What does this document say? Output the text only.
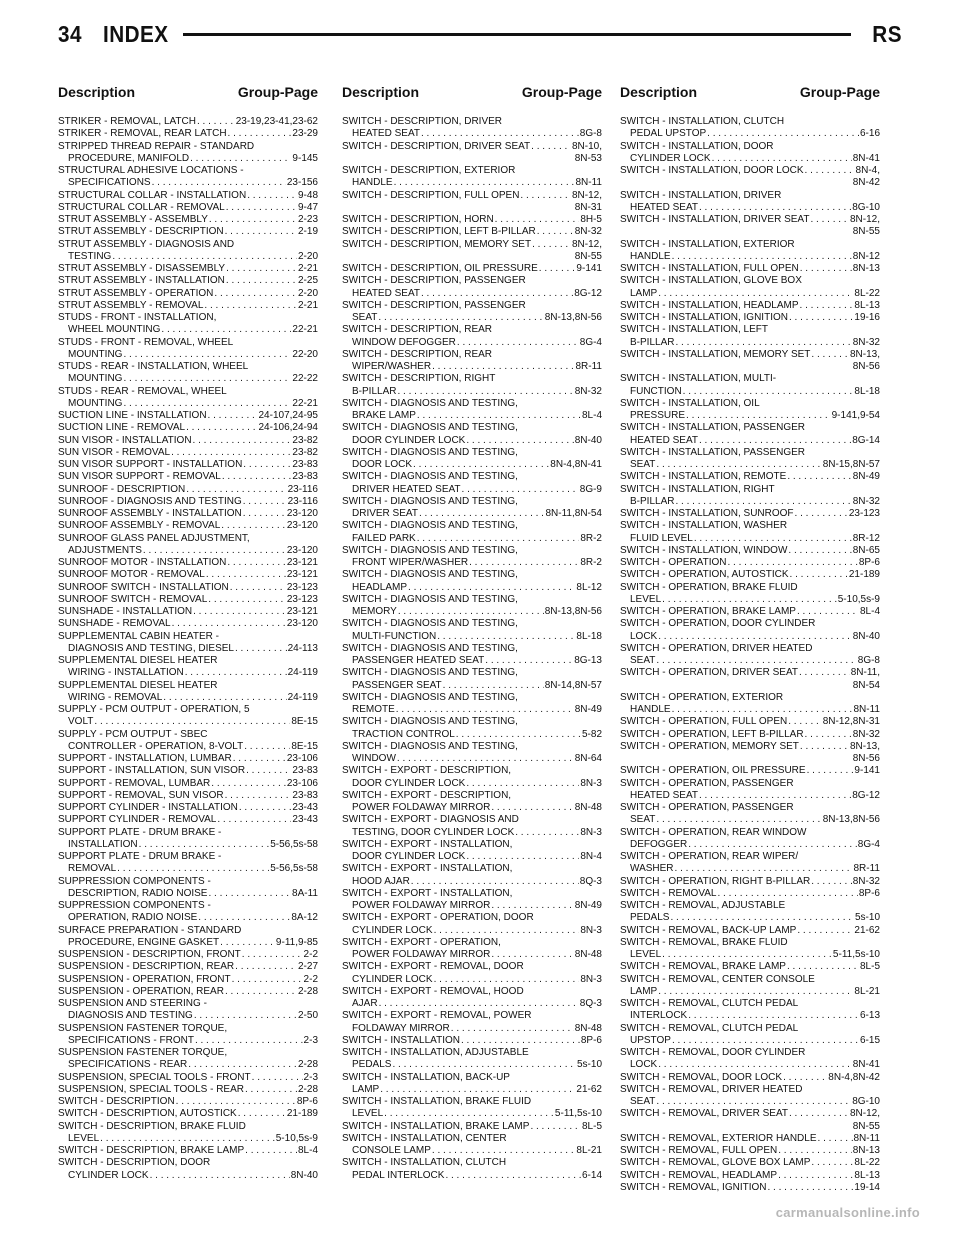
34 INDEX	RS
Description	Group-Page Description	Group-Page Description	Group-Page
STRIKER - REMOVAL, LATCH . . .	23-19,23-41,23-62
STRIKER - REMOVAL, REAR LATCH . . .	23-29
STRIPPED THREAD REPAIR - STANDARD
PROCEDURE, MANIFOLD . . .	9-145
STRUCTURAL ADHESIVE LOCATIONS -
SPECIFICATIONS . . .	23-156
STRUCTURAL COLLAR - INSTALLATION . . .	9-48
STRUCTURAL COLLAR - REMOVAL . . .	9-47
STRUT ASSEMBLY - ASSEMBLY . . .	2-23
STRUT ASSEMBLY - DESCRIPTION . . .	2-19
STRUT ASSEMBLY - DIAGNOSIS AND
TESTING . . .	2-20
STRUT ASSEMBLY - DISASSEMBLY . . .	2-21
STRUT ASSEMBLY - INSTALLATION . . .	2-25
STRUT ASSEMBLY - OPERATION . . .	2-20
STRUT ASSEMBLY - REMOVAL . . .	2-21
STUDS - FRONT - INSTALLATION,
WHEEL MOUNTING . . .	22-21
STUDS - FRONT - REMOVAL, WHEEL
MOUNTING . . .	22-20
STUDS - REAR - INSTALLATION, WHEEL
MOUNTING . . .	22-22
STUDS - REAR - REMOVAL, WHEEL
MOUNTING . . .	22-21
SUCTION LINE - INSTALLATION . . .	24-107,24-95
SUCTION LINE - REMOVAL . . .	24-106,24-94
SUN VISOR - INSTALLATION . . .	23-82
SUN VISOR - REMOVAL . . .	23-82
SUN VISOR SUPPORT - INSTALLATION . . .	23-83
SUN VISOR SUPPORT - REMOVAL . . .	23-83
SUNROOF - DESCRIPTION . . .	23-116
SUNROOF - DIAGNOSIS AND TESTING . . .	23-116
SUNROOF ASSEMBLY - INSTALLATION . . .	23-120
SUNROOF ASSEMBLY - REMOVAL . . .	23-120
SUNROOF GLASS PANEL ADJUSTMENT,
ADJUSTMENTS . . .	23-120
SUNROOF MOTOR - INSTALLATION . . .	23-121
SUNROOF MOTOR - REMOVAL . . .	23-121
SUNROOF SWITCH - INSTALLATION . . .	23-123
SUNROOF SWITCH - REMOVAL . . .	23-123
SUNSHADE - INSTALLATION . . .	23-121
SUNSHADE - REMOVAL . . .	23-120
SUPPLEMENTAL CABIN HEATER -
DIAGNOSIS AND TESTING, DIESEL . . .	24-113
SUPPLEMENTAL DIESEL HEATER
WIRING - INSTALLATION . . .	24-119
SUPPLEMENTAL DIESEL HEATER
WIRING - REMOVAL . . .	24-119
SUPPLY - PCM OUTPUT - OPERATION, 5
VOLT . . .	8E-15
SUPPLY - PCM OUTPUT - SBEC
CONTROLLER - OPERATION, 8-VOLT . . .	8E-15
SUPPORT - INSTALLATION, LUMBAR . . .	23-106
SUPPORT - INSTALLATION, SUN VISOR . . .	23-83
SUPPORT - REMOVAL, LUMBAR . . .	23-106
SUPPORT - REMOVAL, SUN VISOR . . .	23-83
SUPPORT CYLINDER - INSTALLATION . . .	23-43
SUPPORT CYLINDER - REMOVAL . . .	23-43
SUPPORT PLATE - DRUM BRAKE -
INSTALLATION . . .	5-56,5s-58
SUPPORT PLATE - DRUM BRAKE -
REMOVAL . . .	5-56,5s-58
SUPPRESSION COMPONENTS -
DESCRIPTION, RADIO NOISE . . .	8A-11
SUPPRESSION COMPONENTS -
OPERATION, RADIO NOISE . . .	8A-12
SURFACE PREPARATION - STANDARD
PROCEDURE, ENGINE GASKET . . .	9-11,9-85
SUSPENSION - DESCRIPTION, FRONT . . .	2-2
SUSPENSION - DESCRIPTION, REAR . . .	2-27
SUSPENSION - OPERATION, FRONT . . .	2-2
SUSPENSION - OPERATION, REAR . . .	2-28
SUSPENSION AND STEERING -
DIAGNOSIS AND TESTING . . .	2-50
SUSPENSION FASTENER TORQUE,
SPECIFICATIONS - FRONT . . .	2-3
SUSPENSION FASTENER TORQUE,
SPECIFICATIONS - REAR . . .	2-28
SUSPENSION, SPECIAL TOOLS - FRONT . . .	2-3
SUSPENSION, SPECIAL TOOLS - REAR . . .	2-28
SWITCH - DESCRIPTION . . .	8P-6
SWITCH - DESCRIPTION, AUTOSTICK . . .	21-189
SWITCH - DESCRIPTION, BRAKE FLUID
LEVEL . . .	5-10,5s-9
SWITCH - DESCRIPTION, BRAKE LAMP . . .	8L-4
SWITCH - DESCRIPTION, DOOR
CYLINDER LOCK . . .	8N-40
SWITCH - DESCRIPTION, DRIVER
HEATED SEAT . . .	8G-8
SWITCH - DESCRIPTION, DRIVER SEAT . . .	8N-10,
8N-53
SWITCH - DESCRIPTION, EXTERIOR
HANDLE . . .	8N-11
SWITCH - DESCRIPTION, FULL OPEN . . .	8N-12,
8N-31
SWITCH - DESCRIPTION, HORN . . .	8H-5
SWITCH - DESCRIPTION, LEFT B-PILLAR . . .	8N-32
SWITCH - DESCRIPTION, MEMORY SET . . .	8N-12,
8N-55
SWITCH - DESCRIPTION, OIL PRESSURE . . .	9-141
SWITCH - DESCRIPTION, PASSENGER
HEATED SEAT . . .	8G-12
SWITCH - DESCRIPTION, PASSENGER
SEAT . . .	8N-13,8N-56
SWITCH - DESCRIPTION, REAR
WINDOW DEFOGGER . . .	8G-4
SWITCH - DESCRIPTION, REAR
WIPER/WASHER . . .	8R-11
SWITCH - DESCRIPTION, RIGHT
B-PILLAR . . .	8N-32
SWITCH - DIAGNOSIS AND TESTING,
BRAKE LAMP . . .	8L-4
SWITCH - DIAGNOSIS AND TESTING,
DOOR CYLINDER LOCK . . .	8N-40
SWITCH - DIAGNOSIS AND TESTING,
DOOR LOCK . . .	8N-4,8N-41
SWITCH - DIAGNOSIS AND TESTING,
DRIVER HEATED SEAT . . .	8G-9
SWITCH - DIAGNOSIS AND TESTING,
DRIVER SEAT . . .	8N-11,8N-54
SWITCH - DIAGNOSIS AND TESTING,
FAILED PARK . . .	8R-2
SWITCH - DIAGNOSIS AND TESTING,
FRONT WIPER/WASHER . . .	8R-2
SWITCH - DIAGNOSIS AND TESTING,
HEADLAMP . . .	8L-12
SWITCH - DIAGNOSIS AND TESTING,
MEMORY . . .	8N-13,8N-56
SWITCH - DIAGNOSIS AND TESTING,
MULTI-FUNCTION . . .	8L-18
SWITCH - DIAGNOSIS AND TESTING,
PASSENGER HEATED SEAT . . .	8G-13
SWITCH - DIAGNOSIS AND TESTING,
PASSENGER SEAT . . .	8N-14,8N-57
SWITCH - DIAGNOSIS AND TESTING,
REMOTE . . .	8N-49
SWITCH - DIAGNOSIS AND TESTING,
TRACTION CONTROL . . .	5-82
SWITCH - DIAGNOSIS AND TESTING,
WINDOW . . .	8N-64
SWITCH - EXPORT - DESCRIPTION,
DOOR CYLINDER LOCK . . .	8N-3
SWITCH - EXPORT - DESCRIPTION,
POWER FOLDAWAY MIRROR . . .	8N-48
SWITCH - EXPORT - DIAGNOSIS AND
TESTING, DOOR CYLINDER LOCK . . .	8N-3
SWITCH - EXPORT - INSTALLATION,
DOOR CYLINDER LOCK . . .	8N-4
SWITCH - EXPORT - INSTALLATION,
HOOD AJAR . . .	8Q-3
SWITCH - EXPORT - INSTALLATION,
POWER FOLDAWAY MIRROR . . .	8N-49
SWITCH - EXPORT - OPERATION, DOOR
CYLINDER LOCK . . .	8N-3
SWITCH - EXPORT - OPERATION,
POWER FOLDAWAY MIRROR . . .	8N-48
SWITCH - EXPORT - REMOVAL, DOOR
CYLINDER LOCK . . .	8N-3
SWITCH - EXPORT - REMOVAL, HOOD
AJAR . . .	8Q-3
SWITCH - EXPORT - REMOVAL, POWER
FOLDAWAY MIRROR . . .	8N-48
SWITCH - INSTALLATION . . .	8P-6
SWITCH - INSTALLATION, ADJUSTABLE
PEDALS . . .	5s-10
SWITCH - INSTALLATION, BACK-UP
LAMP . . .	21-62
SWITCH - INSTALLATION, BRAKE FLUID
LEVEL . . .	5-11,5s-10
SWITCH - INSTALLATION, BRAKE LAMP . . .	8L-5
SWITCH - INSTALLATION, CENTER
CONSOLE LAMP . . .	8L-21
SWITCH - INSTALLATION, CLUTCH
PEDAL INTERLOCK . . .	6-14
SWITCH - INSTALLATION, CLUTCH
PEDAL UPSTOP . . .	6-16
SWITCH - INSTALLATION, DOOR
CYLINDER LOCK . . .	8N-41
SWITCH - INSTALLATION, DOOR LOCK . . .	8N-4,
8N-42
SWITCH - INSTALLATION, DRIVER
HEATED SEAT . . .	8G-10
SWITCH - INSTALLATION, DRIVER SEAT . . .	8N-12,
8N-55
SWITCH - INSTALLATION, EXTERIOR
HANDLE . . .	8N-12
SWITCH - INSTALLATION, FULL OPEN . . .	8N-13
SWITCH - INSTALLATION, GLOVE BOX
LAMP . . .	8L-22
SWITCH - INSTALLATION, HEADLAMP . . .	8L-13
SWITCH - INSTALLATION, IGNITION . . .	19-16
SWITCH - INSTALLATION, LEFT
B-PILLAR . . .	8N-32
SWITCH - INSTALLATION, MEMORY SET . . .	8N-13,
8N-56
SWITCH - INSTALLATION, MULTI-
FUNCTION . . .	8L-18
SWITCH - INSTALLATION, OIL
PRESSURE . . .	9-141,9-54
SWITCH - INSTALLATION, PASSENGER
HEATED SEAT . . .	8G-14
SWITCH - INSTALLATION, PASSENGER
SEAT . . .	8N-15,8N-57
SWITCH - INSTALLATION, REMOTE . . .	8N-49
SWITCH - INSTALLATION, RIGHT
B-PILLAR . . .	8N-32
SWITCH - INSTALLATION, SUNROOF . . .	23-123
SWITCH - INSTALLATION, WASHER
FLUID LEVEL . . .	8R-12
SWITCH - INSTALLATION, WINDOW . . .	8N-65
SWITCH - OPERATION . . .	8P-6
SWITCH - OPERATION, AUTOSTICK . . .	21-189
SWITCH - OPERATION, BRAKE FLUID
LEVEL . . .	5-10,5s-9
SWITCH - OPERATION, BRAKE LAMP . . .	8L-4
SWITCH - OPERATION, DOOR CYLINDER
LOCK . . .	8N-40
SWITCH - OPERATION, DRIVER HEATED
SEAT . . .	8G-8
SWITCH - OPERATION, DRIVER SEAT . . .	8N-11,
8N-54
SWITCH - OPERATION, EXTERIOR
HANDLE . . .	8N-11
SWITCH - OPERATION, FULL OPEN . . .	8N-12,8N-31
SWITCH - OPERATION, LEFT B-PILLAR . . .	8N-32
SWITCH - OPERATION, MEMORY SET . . .	8N-13,
8N-56
SWITCH - OPERATION, OIL PRESSURE . . .	9-141
SWITCH - OPERATION, PASSENGER
HEATED SEAT . . .	8G-12
SWITCH - OPERATION, PASSENGER
SEAT . . .	8N-13,8N-56
SWITCH - OPERATION, REAR WINDOW
DEFOGGER . . .	8G-4
SWITCH - OPERATION, REAR WIPER/
WASHER . . .	8R-11
SWITCH - OPERATION, RIGHT B-PILLAR . . .	8N-32
SWITCH - REMOVAL . . .	8P-6
SWITCH - REMOVAL, ADJUSTABLE
PEDALS . . .	5s-10
SWITCH - REMOVAL, BACK-UP LAMP . . .	21-62
SWITCH - REMOVAL, BRAKE FLUID
LEVEL . . .	5-11,5s-10
SWITCH - REMOVAL, BRAKE LAMP . . .	8L-5
SWITCH - REMOVAL, CENTER CONSOLE
LAMP . . .	8L-21
SWITCH - REMOVAL, CLUTCH PEDAL
INTERLOCK . . .	6-13
SWITCH - REMOVAL, CLUTCH PEDAL
UPSTOP . . .	6-15
SWITCH - REMOVAL, DOOR CYLINDER
LOCK . . .	8N-41
SWITCH - REMOVAL, DOOR LOCK . . .	8N-4,8N-42
SWITCH - REMOVAL, DRIVER HEATED
SEAT . . .	8G-10
SWITCH - REMOVAL, DRIVER SEAT . . .	8N-12,
8N-55
SWITCH - REMOVAL, EXTERIOR HANDLE . . .	8N-11
SWITCH - REMOVAL, FULL OPEN . . .	8N-13
SWITCH - REMOVAL, GLOVE BOX LAMP . . .	8L-22
SWITCH - REMOVAL, HEADLAMP . . .	8L-13
SWITCH - REMOVAL, IGNITION . . .	19-14
carmanualsonline.info
